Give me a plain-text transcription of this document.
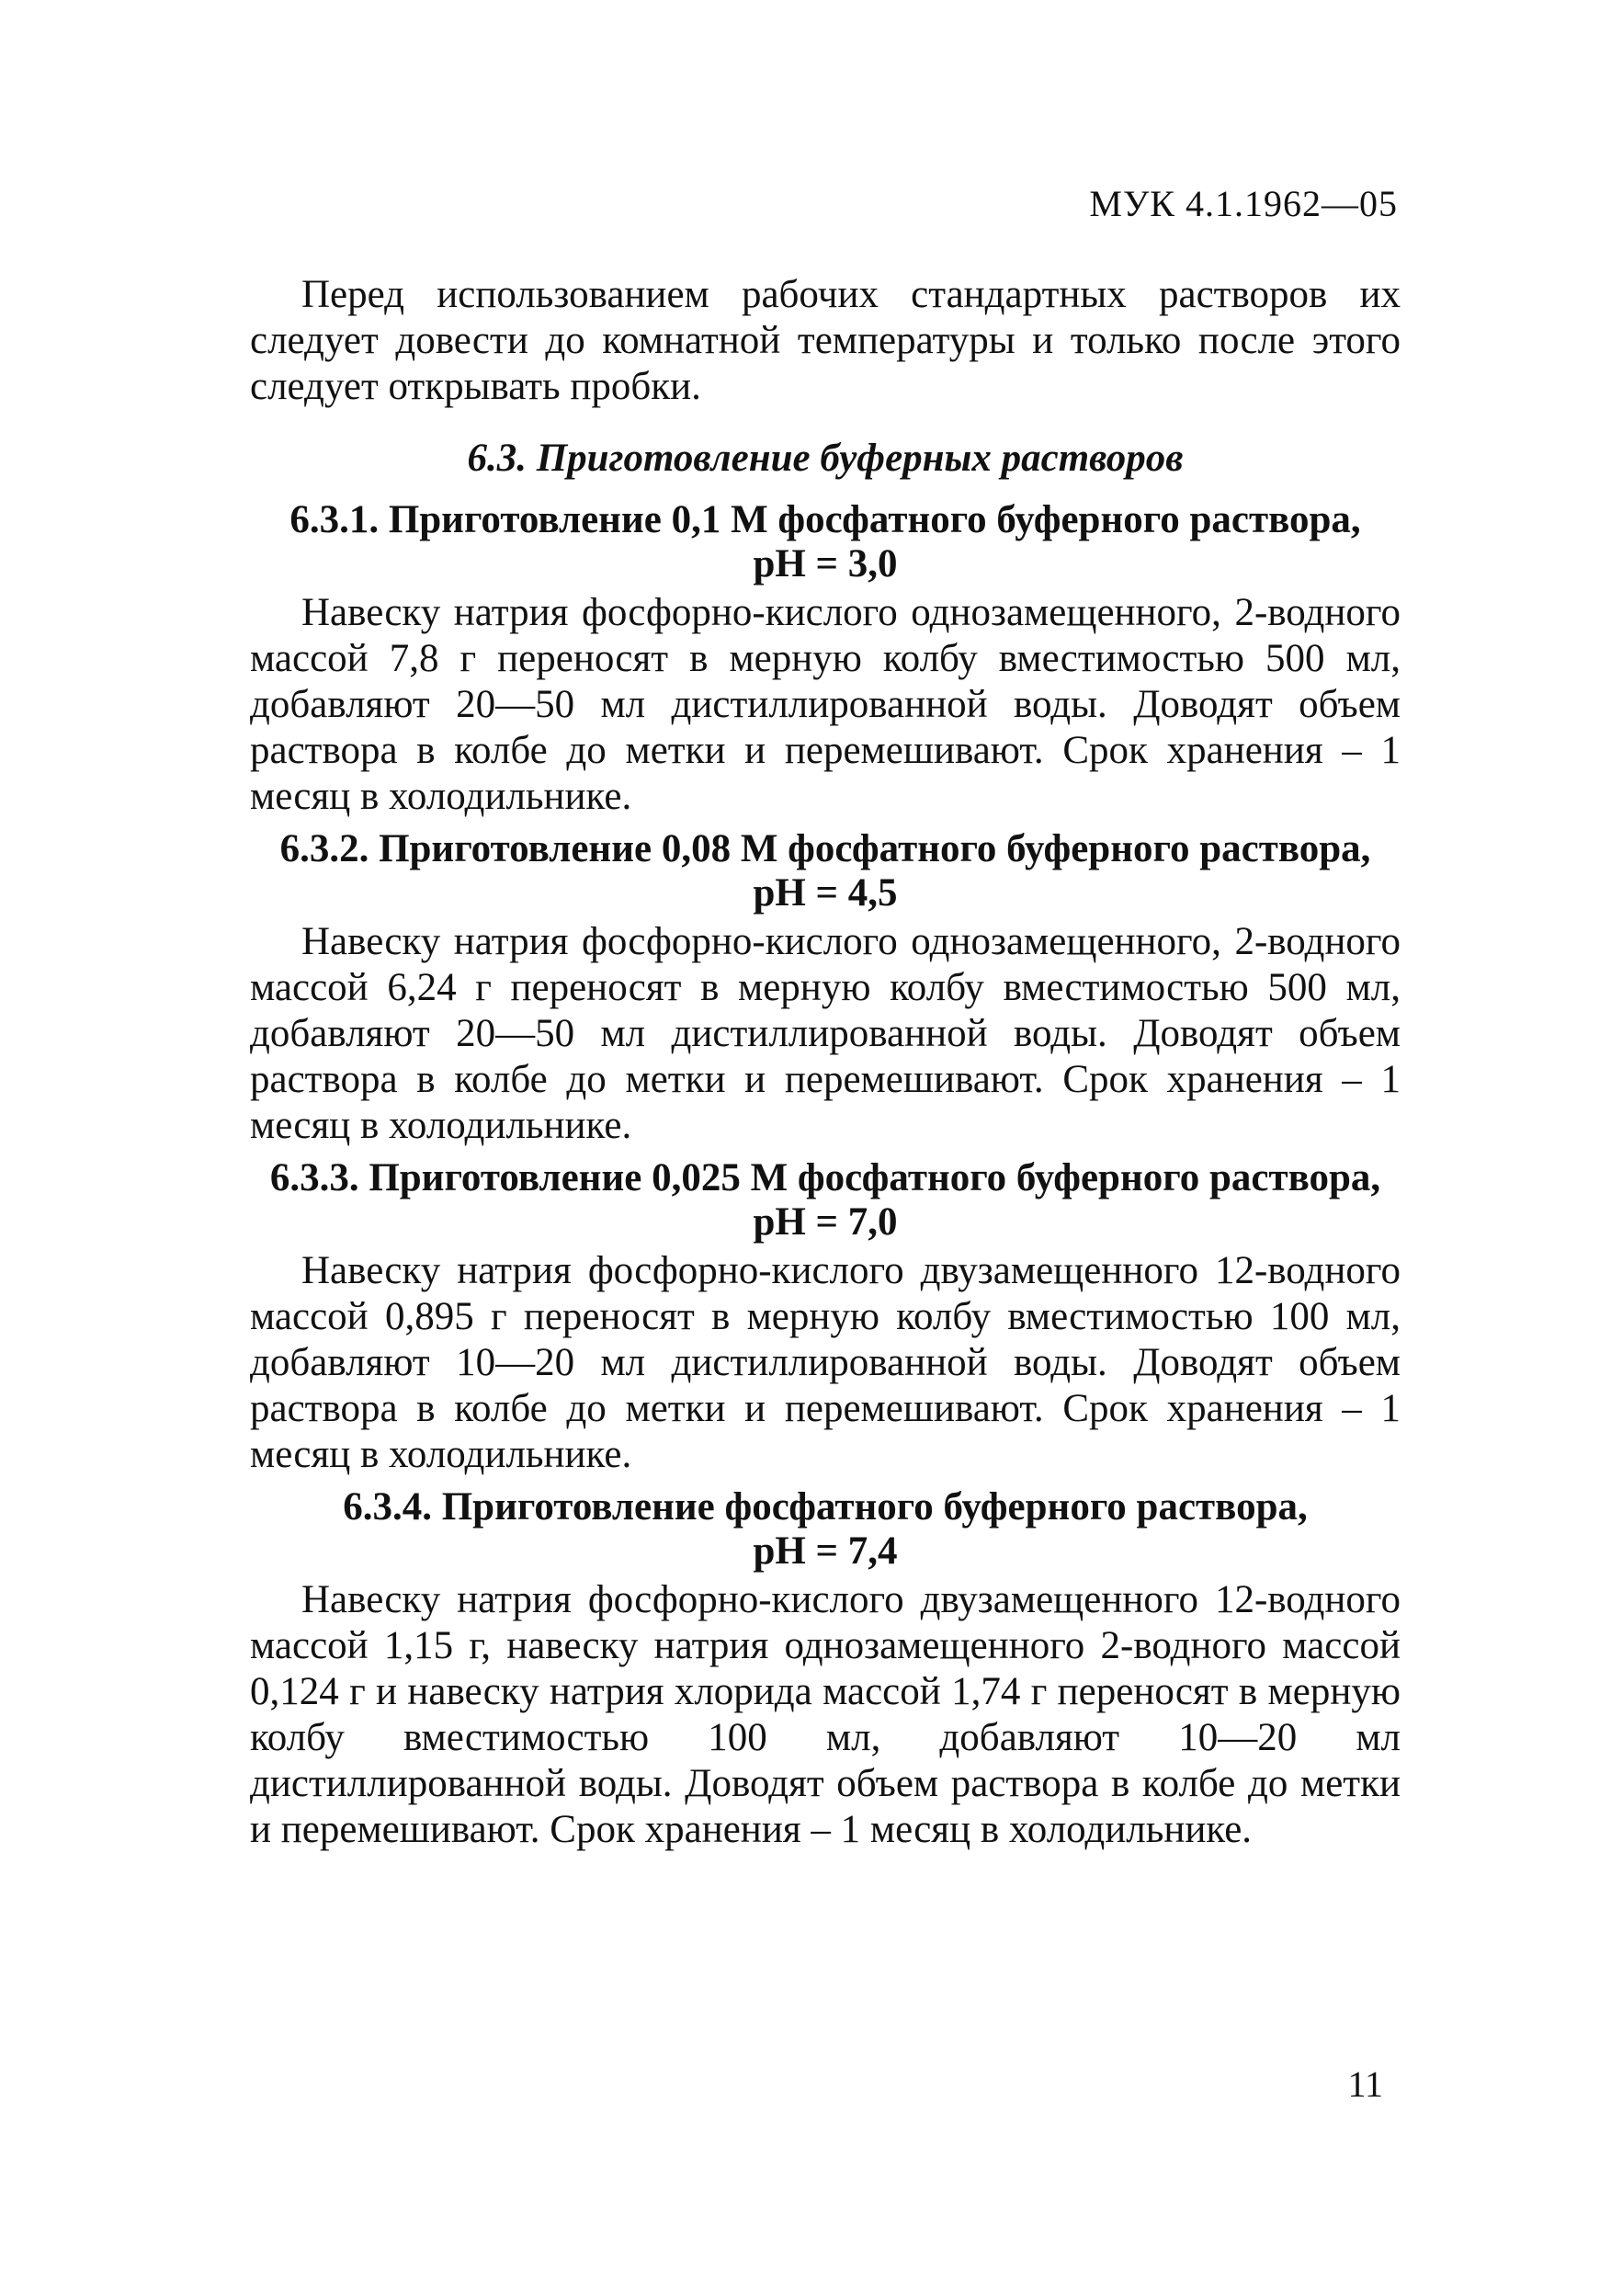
МУК 4.1.1962—05

Перед использованием рабочих стандартных растворов их следует довести до комнатной температуры и только после этого следует открывать пробки.

6.3. Приготовление буферных растворов
6.3.1. Приготовление 0,1 М фосфатного буферного раствора,
рН = 3,0

Навеску натрия фосфорно-кислого однозамещенного, 2-водного массой 7,8 г переносят в мерную колбу вместимостью 500 мл, добавляют 20—50 мл дистиллированной воды. Доводят объем раствора в колбе до метки и перемешивают. Срок хранения – 1 месяц в холодильнике.

6.3.2. Приготовление 0,08 М фосфатного буферного раствора,
рН = 4,5

Навеску натрия фосфорно-кислого однозамещенного, 2-водного массой 6,24 г переносят в мерную колбу вместимостью 500 мл, добавляют 20—50 мл дистиллированной воды. Доводят объем раствора в колбе до метки и перемешивают. Срок хранения – 1 месяц в холодильнике.

6.3.3. Приготовление 0,025 М фосфатного буферного раствора,
рН = 7,0

Навеску натрия фосфорно-кислого двузамещенного 12-водного массой 0,895 г переносят в мерную колбу вместимостью 100 мл, добавляют 10—20 мл дистиллированной воды. Доводят объем раствора в колбе до метки и перемешивают. Срок хранения – 1 месяц в холодильнике.

6.3.4. Приготовление фосфатного буферного раствора,
рН = 7,4

Навеску натрия фосфорно-кислого двузамещенного 12-водного массой 1,15 г, навеску натрия однозамещенного 2-водного массой 0,124 г и навеску натрия хлорида массой 1,74 г переносят в мерную колбу вместимостью 100 мл, добавляют 10—20 мл дистиллированной воды. Доводят объем раствора в колбе до метки и перемешивают. Срок хранения – 1 месяц в холодильнике.

11
